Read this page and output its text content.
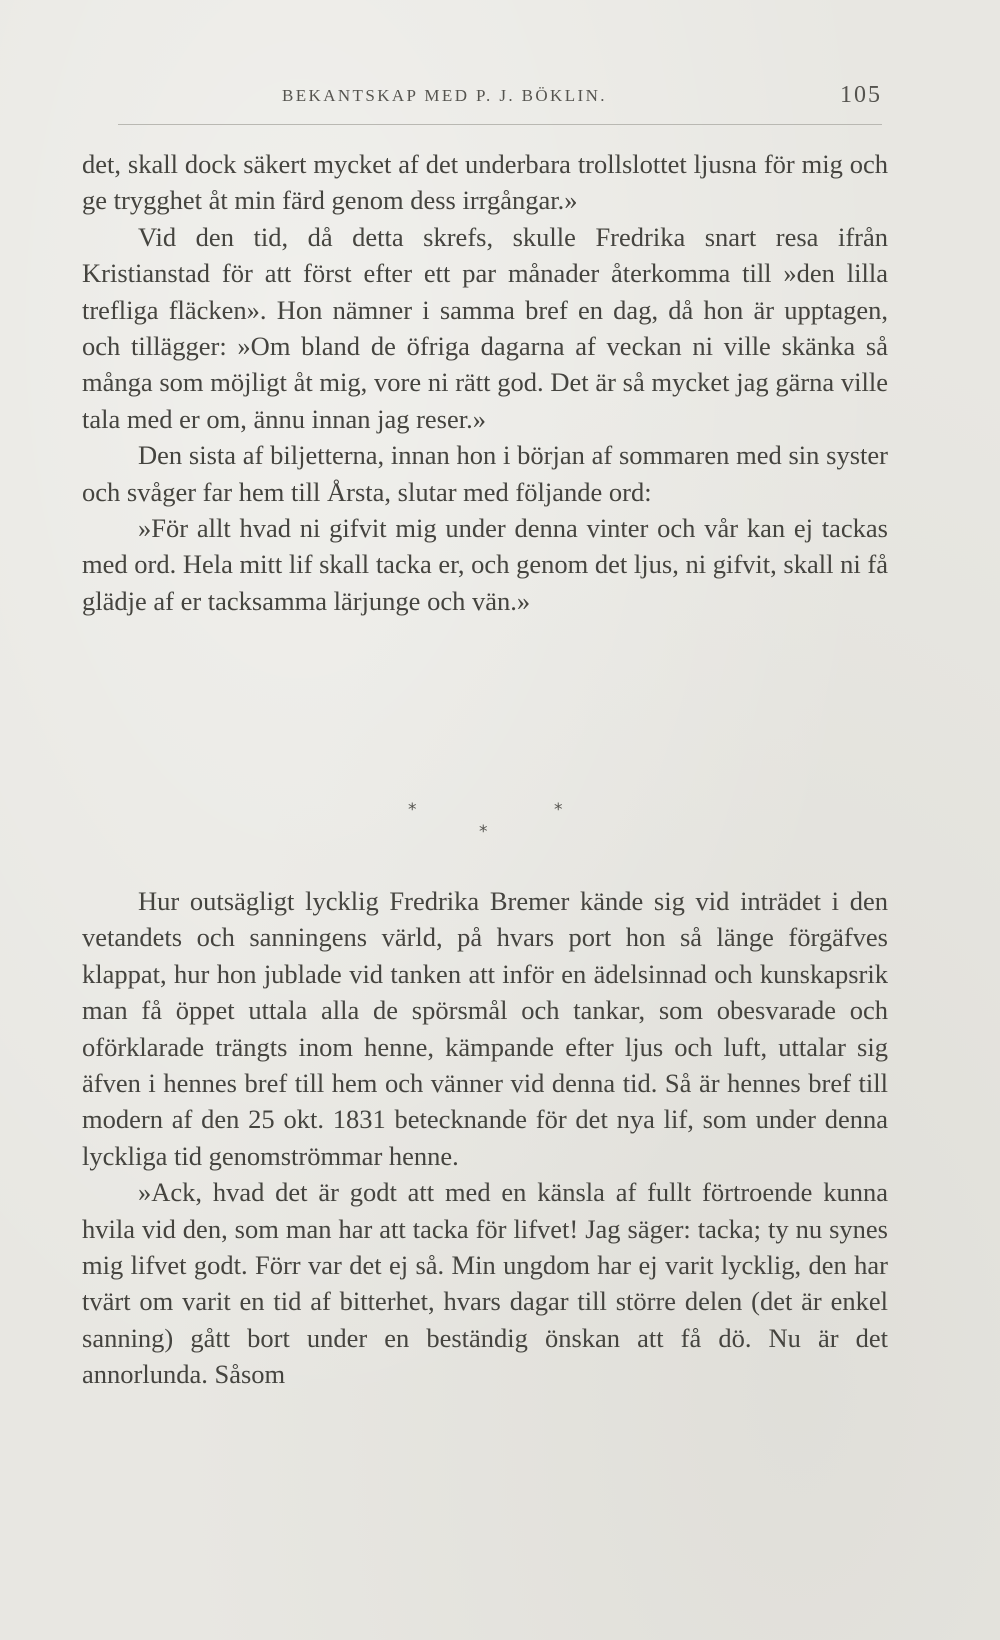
BEKANTSKAP MED P. J. BÖKLIN.	105

det, skall dock säkert mycket af det underbara trollslottet ljusna för mig och ge trygghet åt min färd genom dess irrgångar.»

Vid den tid, då detta skrefs, skulle Fredrika snart resa ifrån Kristianstad för att först efter ett par månader återkomma till »den lilla trefliga fläcken». Hon nämner i samma bref en dag, då hon är upptagen, och tillägger: »Om bland de öfriga dagarna af veckan ni ville skänka så många som möjligt åt mig, vore ni rätt god. Det är så mycket jag gärna ville tala med er om, ännu innan jag reser.»

Den sista af biljetterna, innan hon i början af sommaren med sin syster och svåger far hem till Årsta, slutar med följande ord:

»För allt hvad ni gifvit mig under denna vinter och vår kan ej tackas med ord. Hela mitt lif skall tacka er, och genom det ljus, ni gifvit, skall ni få glädje af er tacksamma lärjunge och vän.»

*	*
*

Hur outsägligt lycklig Fredrika Bremer kände sig vid inträdet i den vetandets och sanningens värld, på hvars port hon så länge förgäfves klappat, hur hon jublade vid tanken att inför en ädelsinnad och kunskapsrik man få öppet uttala alla de spörsmål och tankar, som obesvarade och oförklarade trängts inom henne, kämpande efter ljus och luft, uttalar sig äfven i hennes bref till hem och vänner vid denna tid. Så är hennes bref till modern af den 25 okt. 1831 betecknande för det nya lif, som under denna lyckliga tid genomströmmar henne.

»Ack, hvad det är godt att med en känsla af fullt förtroende kunna hvila vid den, som man har att tacka för lifvet! Jag säger: tacka; ty nu synes mig lifvet godt. Förr var det ej så. Min ungdom har ej varit lycklig, den har tvärt om varit en tid af bitterhet, hvars dagar till större delen (det är enkel sanning) gått bort under en beständig önskan att få dö. Nu är det annorlunda. Såsom
